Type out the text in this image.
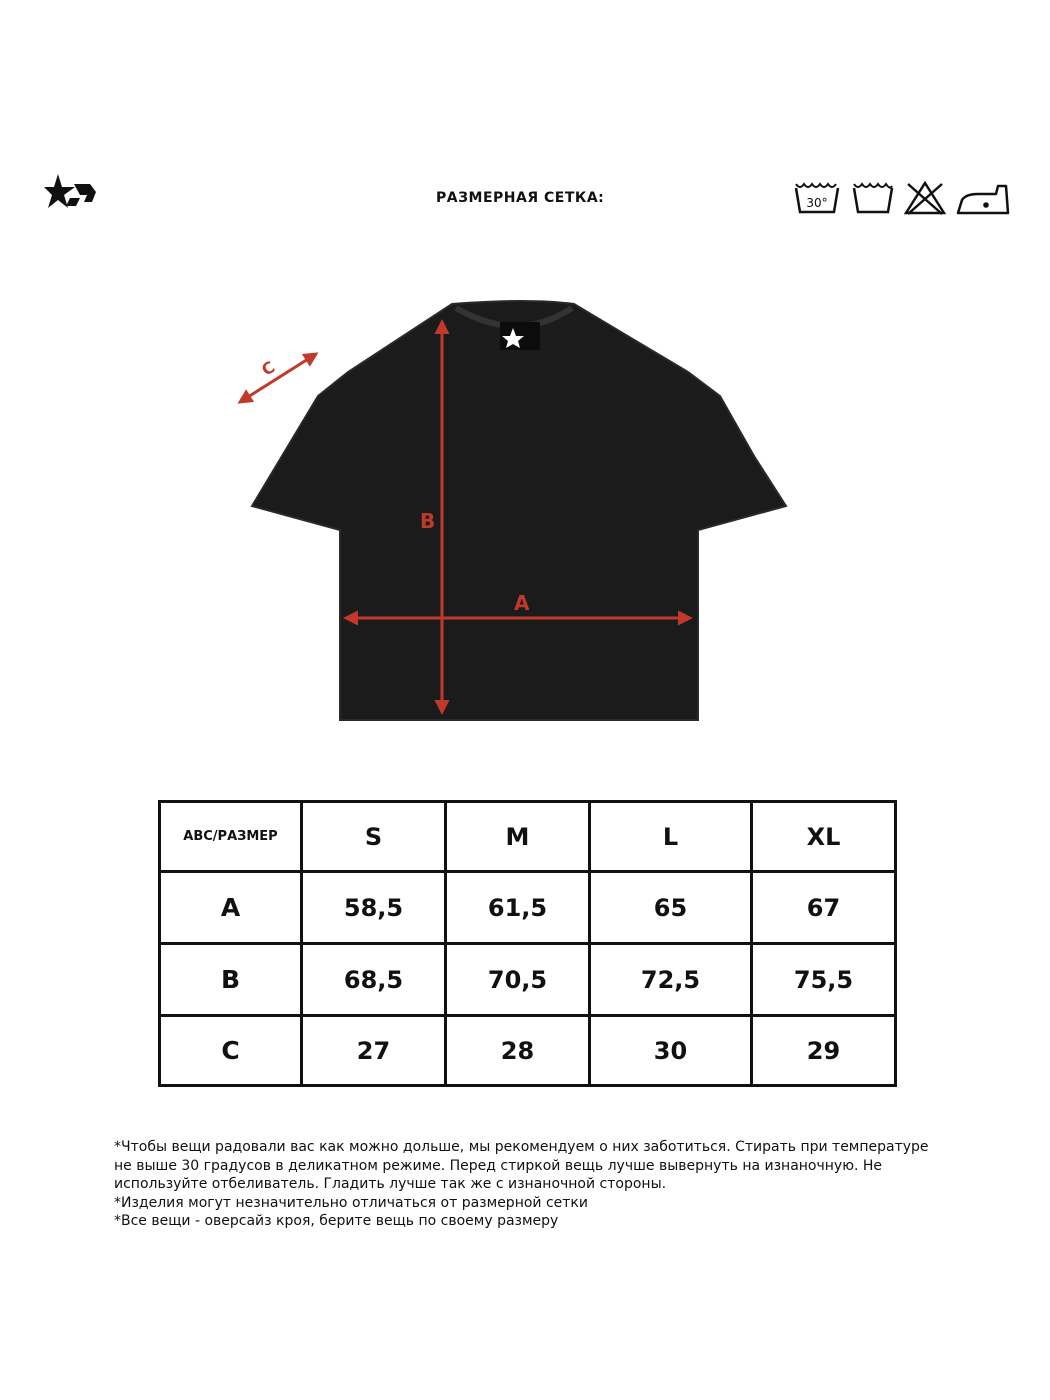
РАЗМЕРНАЯ СЕТКА:	30°
B
A
C
ABC/РАЗМЕР	S	M	L	XL
A	58,5	61,5	65	67
B	68,5	70,5	72,5	75,5
C	27	28	30	29

*Чтобы вещи радовали вас как можно дольше, мы рекомендуем о них заботиться. Стирать при температуре не выше 30 градусов в деликатном режиме. Перед стиркой вещь лучше вывернуть на изнаночную. Не используйте отбеливатель. Гладить лучше так же с изнаночной стороны.

*Изделия могут незначительно отличаться от размерной сетки

*Все вещи - оверсайз кроя, берите вещь по своему размеру
